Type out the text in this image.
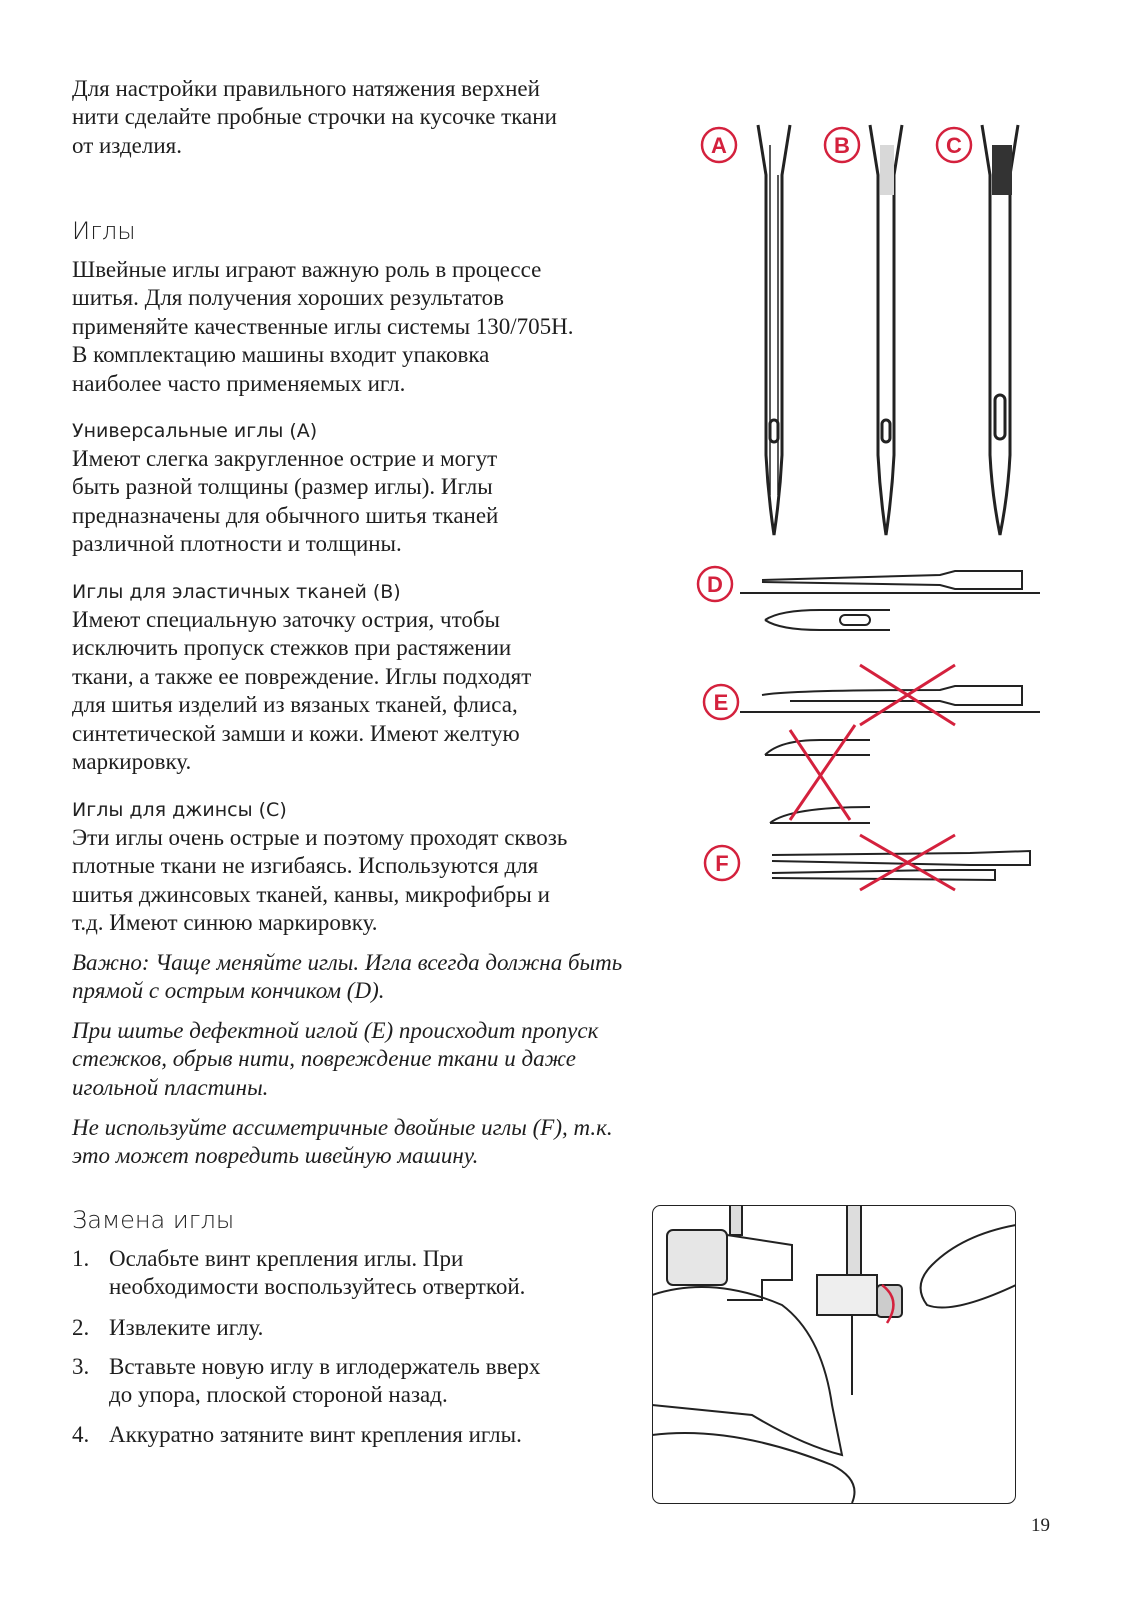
Для настройки правильного натяжения верхней
нити сделайте пробные строчки на кусочке ткани
от изделия.
Иглы
Швейные иглы играют важную роль в процессе
шитья. Для получения хороших результатов
применяйте качественные иглы системы 130/705H.
В комплектацию машины входит упаковка
наиболее часто применяемых игл.
Универсальные иглы (A)
Имеют слегка закругленное острие и могут
быть разной толщины (размер иглы). Иглы
предназначены для обычного шитья тканей
различной плотности и толщины.
Иглы для эластичных тканей (B)
Имеют специальную заточку острия, чтобы
исключить пропуск стежков при растяжении
ткани, а также ее повреждение. Иглы подходят
для шитья изделий из вязаных тканей, флиса,
синтетической замши и кожи. Имеют желтую
маркировку.
Иглы для джинсы (C)
Эти иглы очень острые и поэтому проходят сквозь
плотные ткани не изгибаясь. Используются для
шитья джинсовых тканей, канвы, микрофибры и
т.д. Имеют синюю маркировку.
Важно: Чаще меняйте иглы. Игла всегда должна быть
прямой с острым кончиком (D).
При шитье дефектной иглой (E) происходит пропуск
стежков, обрыв нити, повреждение ткани и даже
игольной пластины.
Не используйте ассиметричные двойные иглы (F), т.к.
это может повредить швейную машину.
Замена иглы
1. Ослабьте винт крепления иглы. При
необходимости воспользуйтесь отверткой.
2. Извлеките иглу.
3. Вставьте новую иглу в иглодержатель вверх
до упора, плоской стороной назад.
4. Аккуратно затяните винт крепления иглы.
A	B	C
D
E
F
19
